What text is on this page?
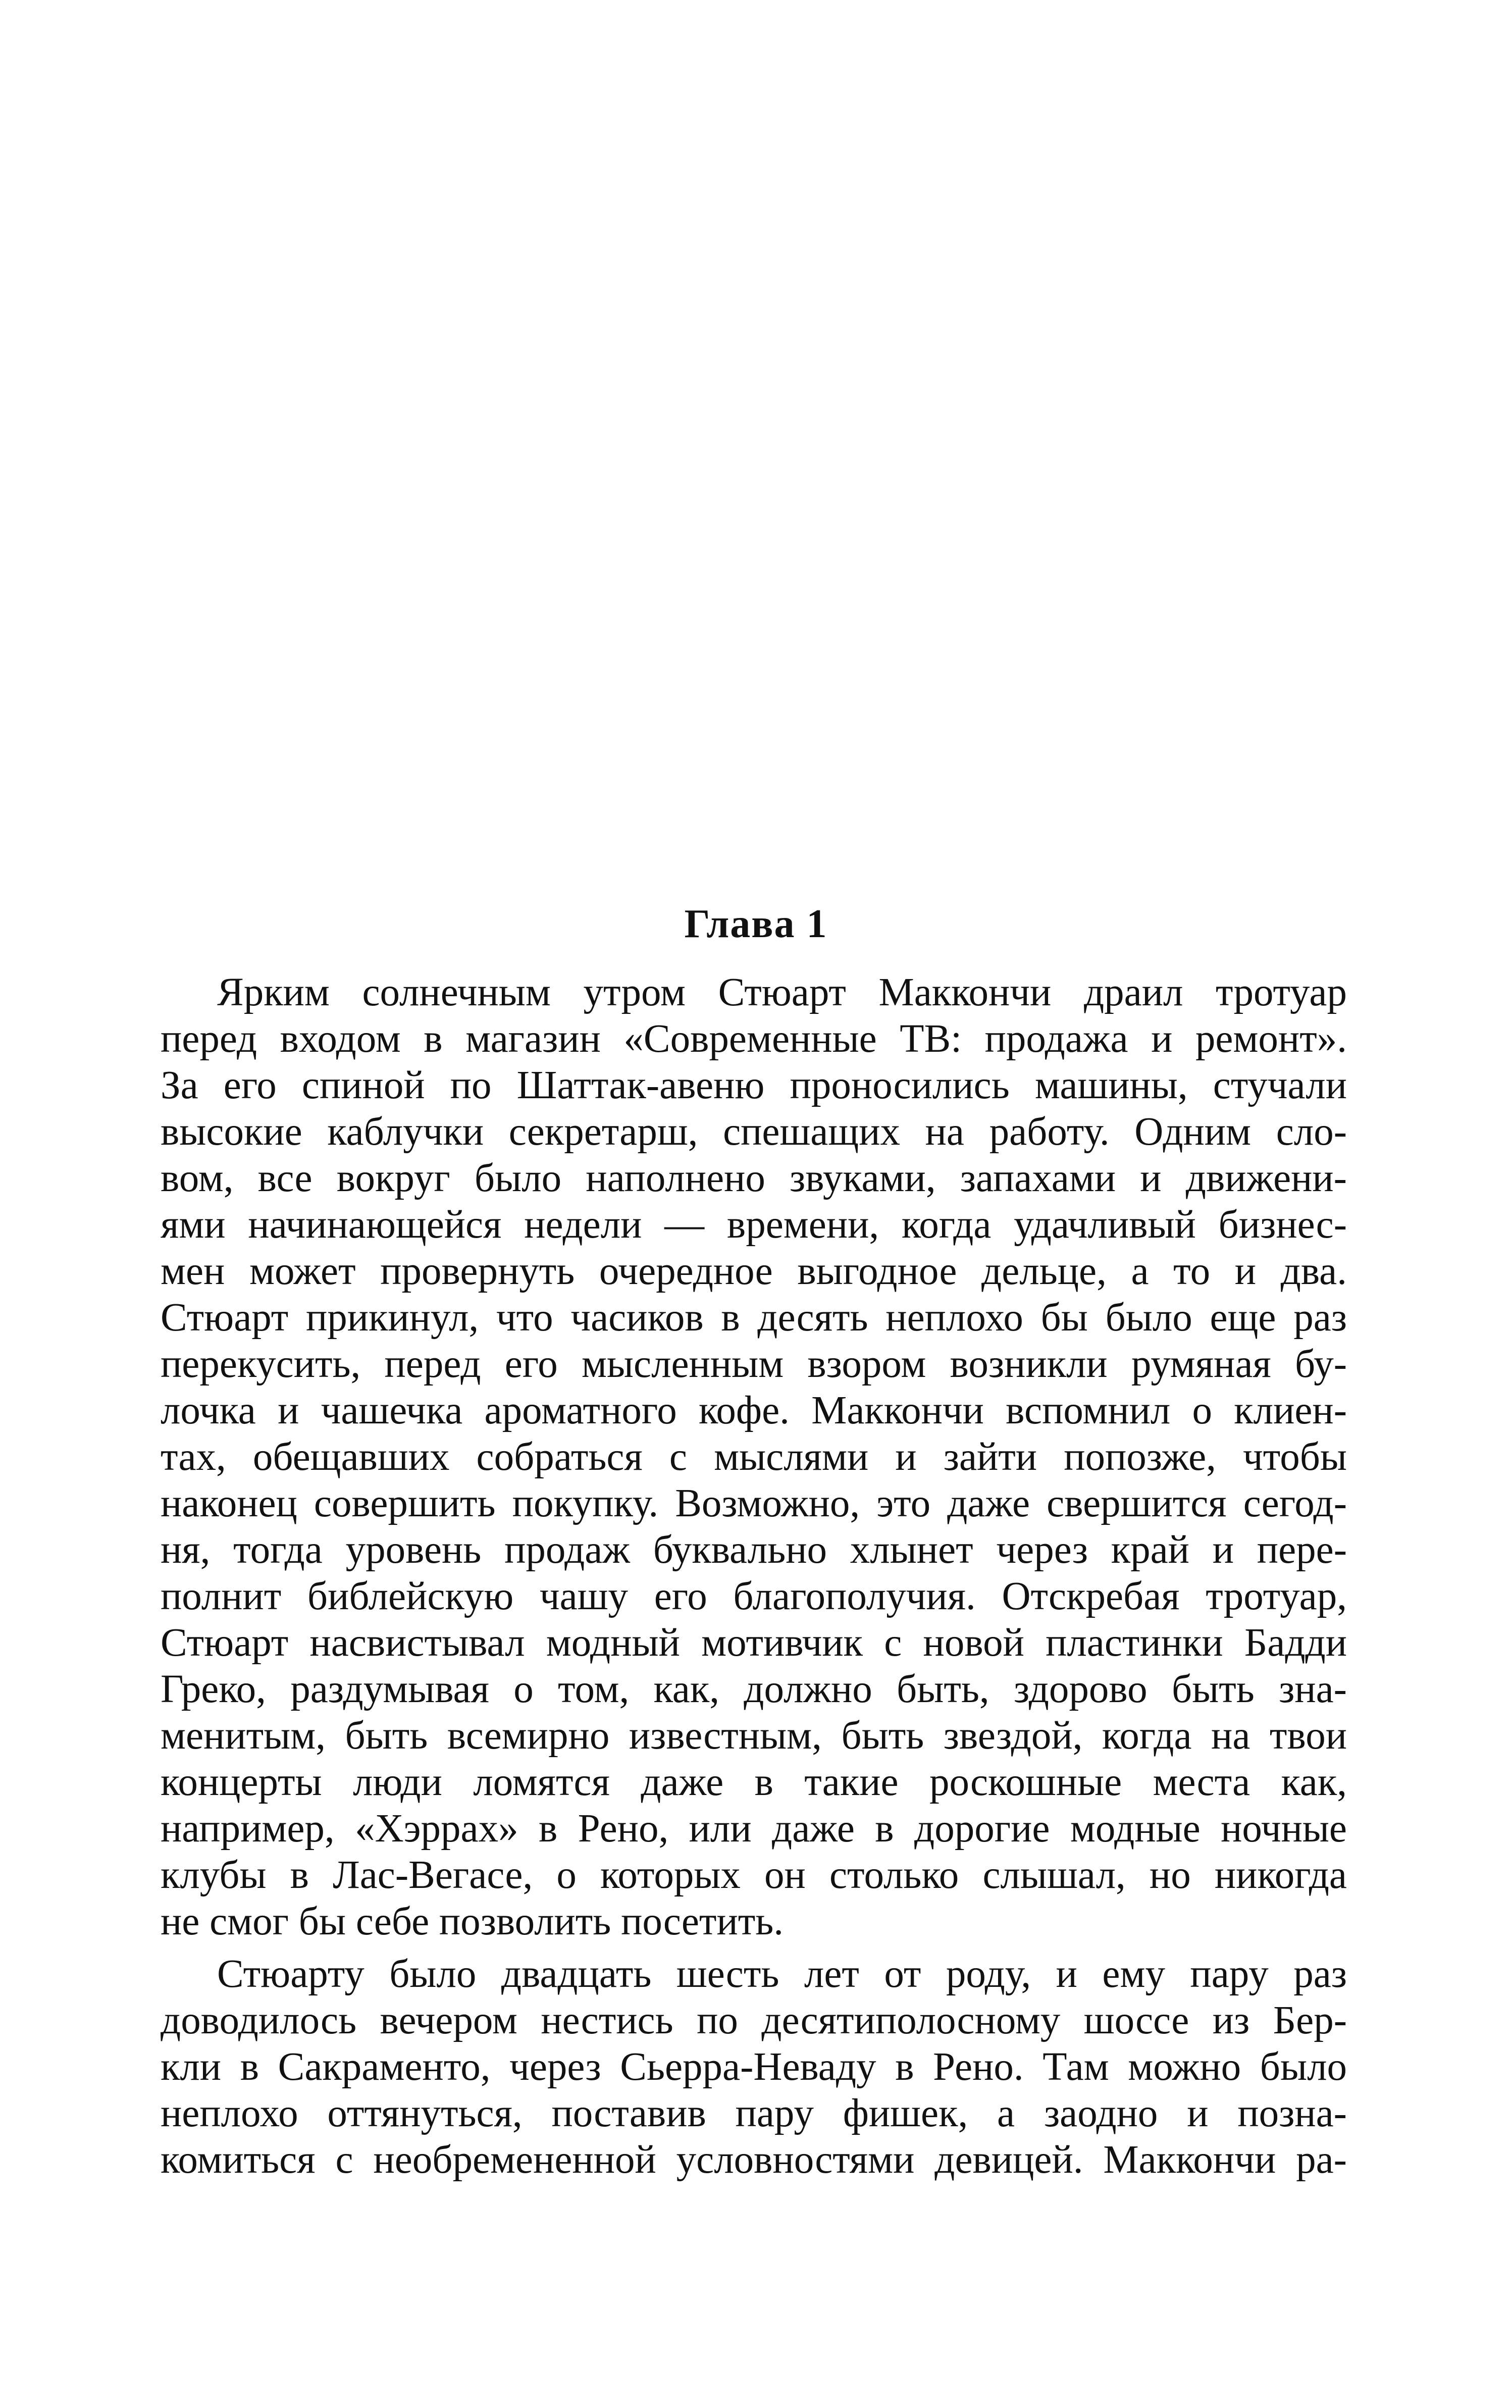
Глава 1
Ярким солнечным утром Стюарт Маккончи драил тротуар
перед входом в магазин «Современные ТВ: продажа и ремонт».
За его спиной по Шаттак-авеню проносились машины, стучали
высокие каблучки секретарш, спешащих на работу. Одним сло-
вом, все вокруг было наполнено звуками, запахами и движени-
ями начинающейся недели — времени, когда удачливый бизнес-
мен может провернуть очередное выгодное дельце, а то и два.
Стюарт прикинул, что часиков в десять неплохо бы было еще раз
перекусить, перед его мысленным взором возникли румяная бу-
лочка и чашечка ароматного кофе. Маккончи вспомнил о клиен-
тах, обещавших собраться с мыслями и зайти попозже, чтобы
наконец совершить покупку. Возможно, это даже свершится сегод-
ня, тогда уровень продаж буквально хлынет через край и пере-
полнит библейскую чашу его благополучия. Отскребая тротуар,
Стюарт насвистывал модный мотивчик с новой пластинки Бадди
Греко, раздумывая о том, как, должно быть, здорово быть зна-
менитым, быть всемирно известным, быть звездой, когда на твои
концерты люди ломятся даже в такие роскошные места как,
например, «Хэррах» в Рено, или даже в дорогие модные ночные
клубы в Лас-Вегасе, о которых он столько слышал, но никогда
не смог бы себе позволить посетить.
Стюарту было двадцать шесть лет от роду, и ему пару раз
доводилось вечером нестись по десятиполосному шоссе из Бер-
кли в Сакраменто, через Сьерра-Неваду в Рено. Там можно было
неплохо оттянуться, поставив пару фишек, а заодно и позна-
комиться с необремененной условностями девицей. Маккончи ра-
